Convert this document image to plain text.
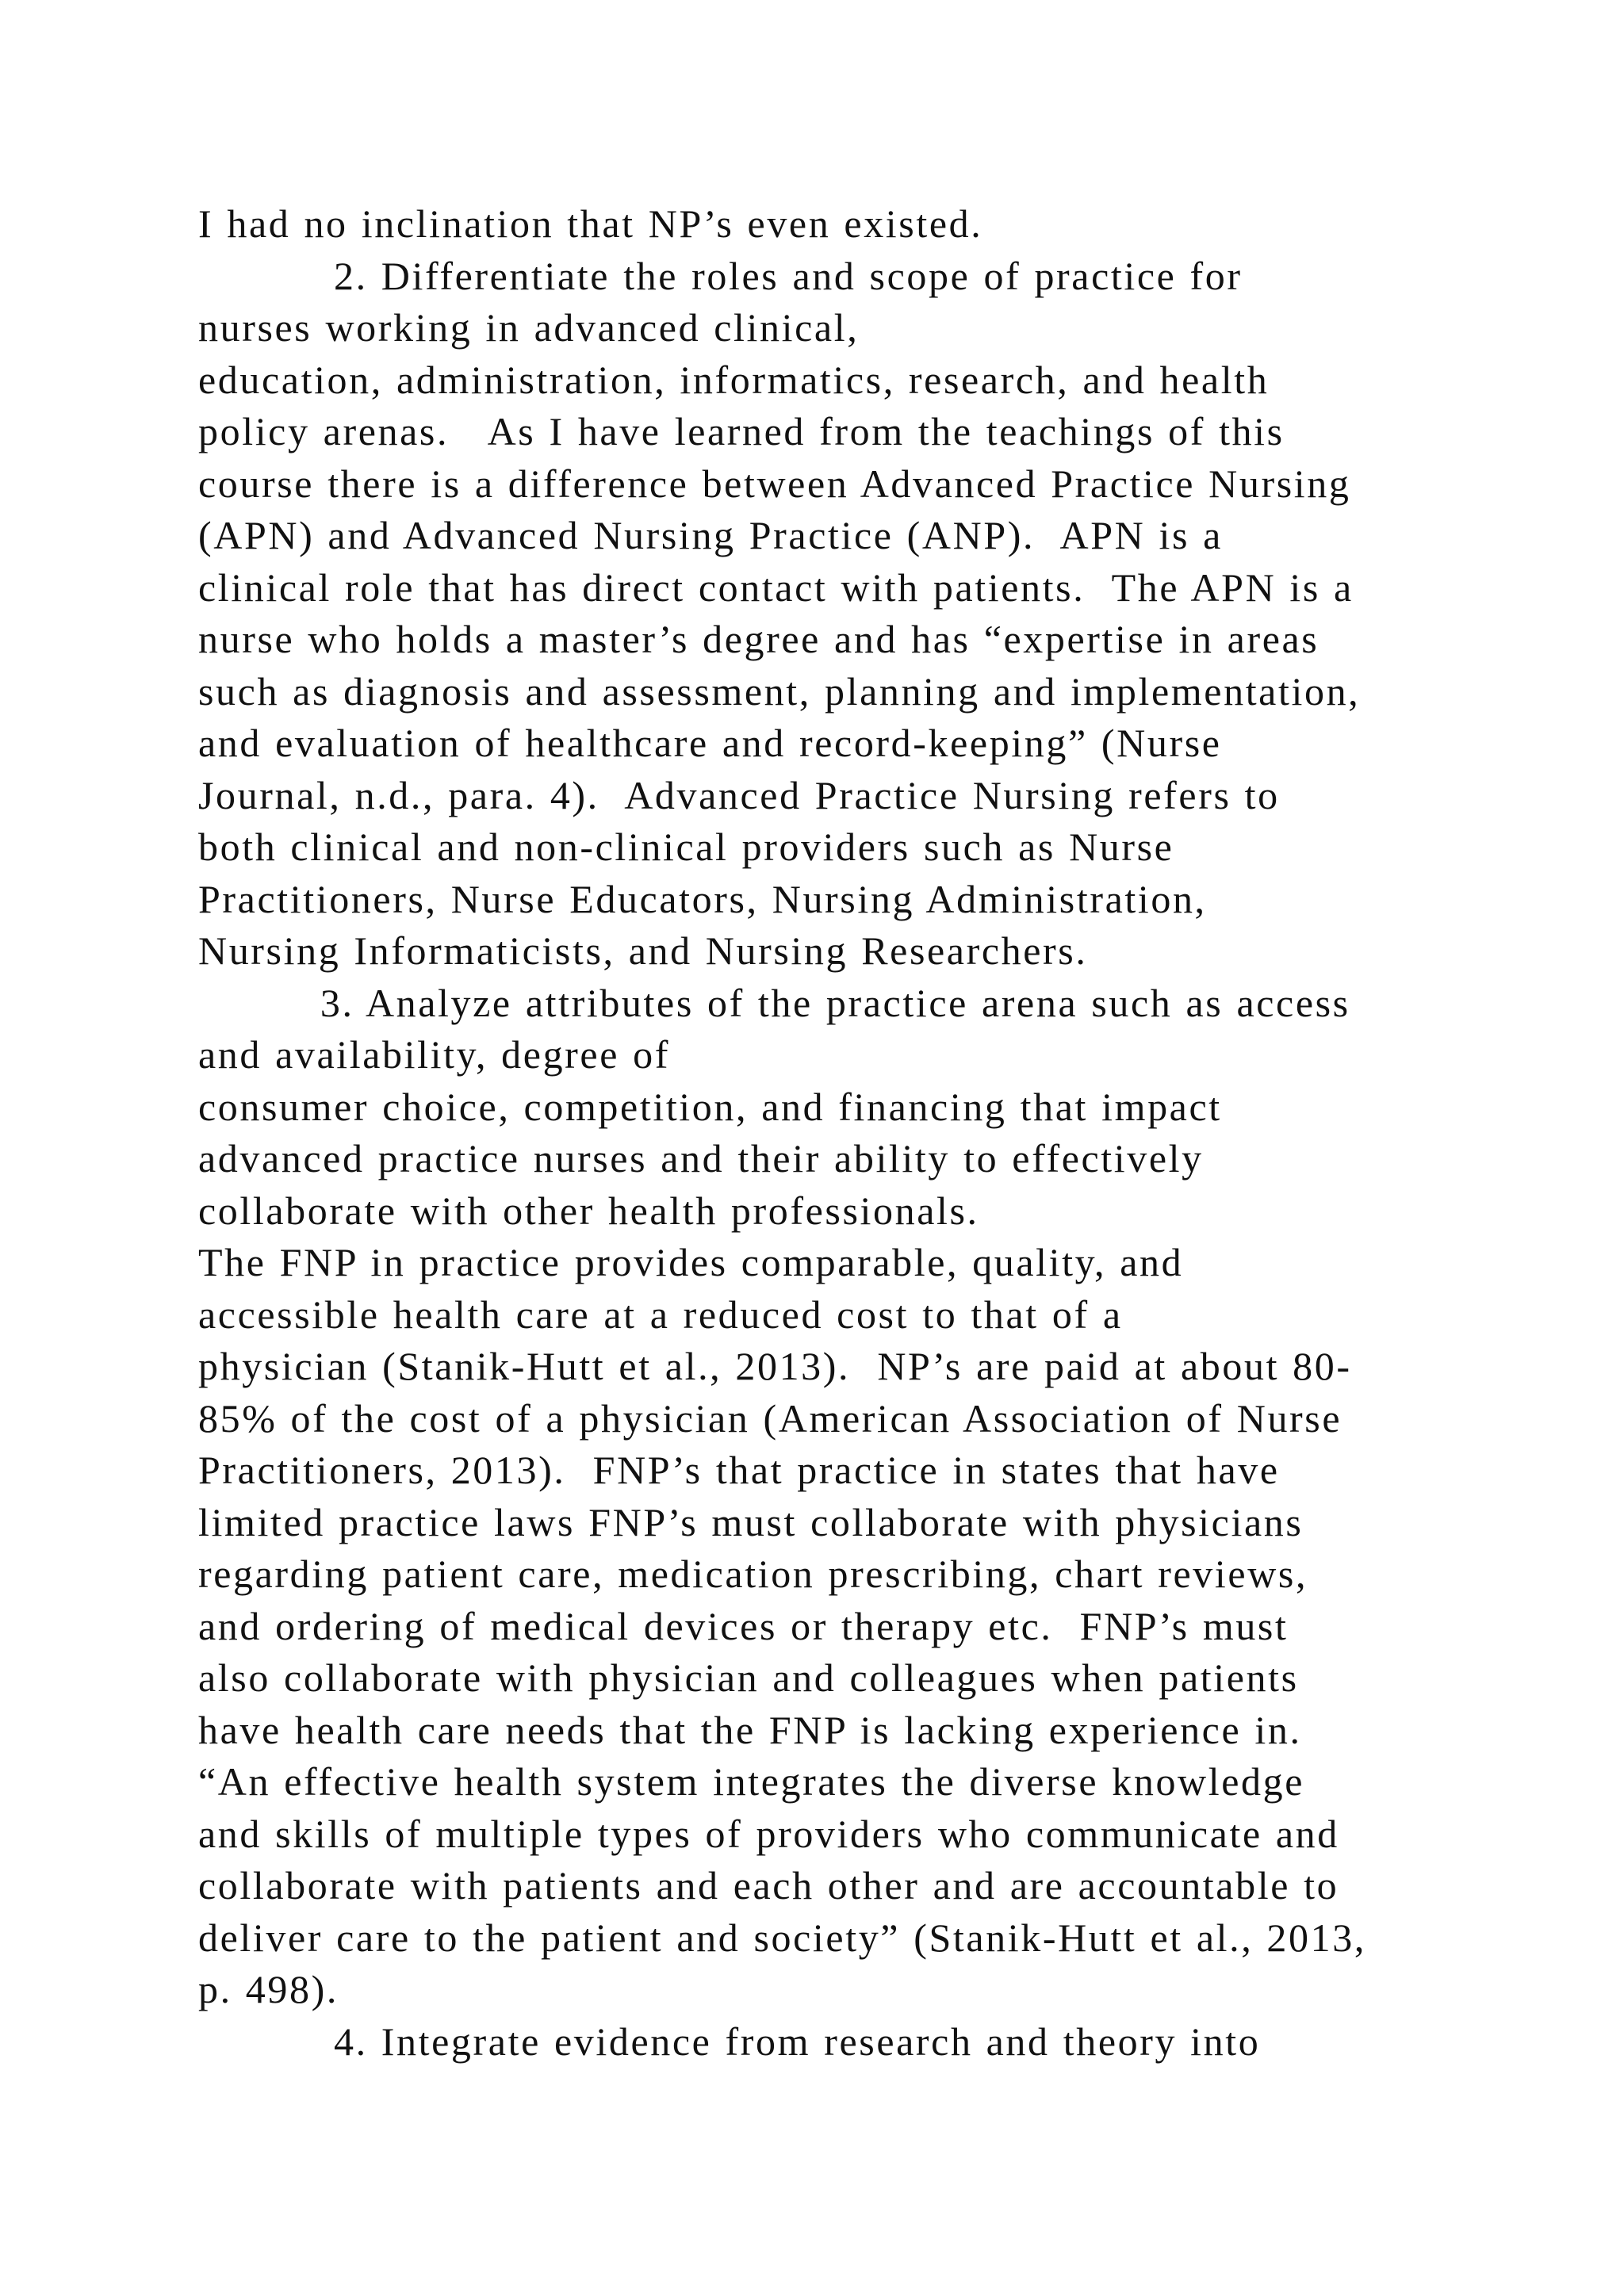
I had no inclination that NP’s even existed.
2. Differentiate the roles and scope of practice for
nurses working in advanced clinical,
education, administration, informatics, research, and health
policy arenas.   As I have learned from the teachings of this
course there is a difference between Advanced Practice Nursing
(APN) and Advanced Nursing Practice (ANP).  APN is a
clinical role that has direct contact with patients.  The APN is a
nurse who holds a master’s degree and has “expertise in areas
such as diagnosis and assessment, planning and implementation,
and evaluation of healthcare and record-keeping” (Nurse
Journal, n.d., para. 4).  Advanced Practice Nursing refers to
both clinical and non-clinical providers such as Nurse
Practitioners, Nurse Educators, Nursing Administration,
Nursing Informaticists, and Nursing Researchers.
3. Analyze attributes of the practice arena such as access
and availability, degree of
consumer choice, competition, and financing that impact
advanced practice nurses and their ability to effectively
collaborate with other health professionals.
The FNP in practice provides comparable, quality, and
accessible health care at a reduced cost to that of a
physician (Stanik-Hutt et al., 2013).  NP’s are paid at about 80-
85% of the cost of a physician (American Association of Nurse
Practitioners, 2013).  FNP’s that practice in states that have
limited practice laws FNP’s must collaborate with physicians
regarding patient care, medication prescribing, chart reviews,
and ordering of medical devices or therapy etc.  FNP’s must
also collaborate with physician and colleagues when patients
have health care needs that the FNP is lacking experience in.
“An effective health system integrates the diverse knowledge
and skills of multiple types of providers who communicate and
collaborate with patients and each other and are accountable to
deliver care to the patient and society” (Stanik-Hutt et al., 2013,
p. 498).
4. Integrate evidence from research and theory into
